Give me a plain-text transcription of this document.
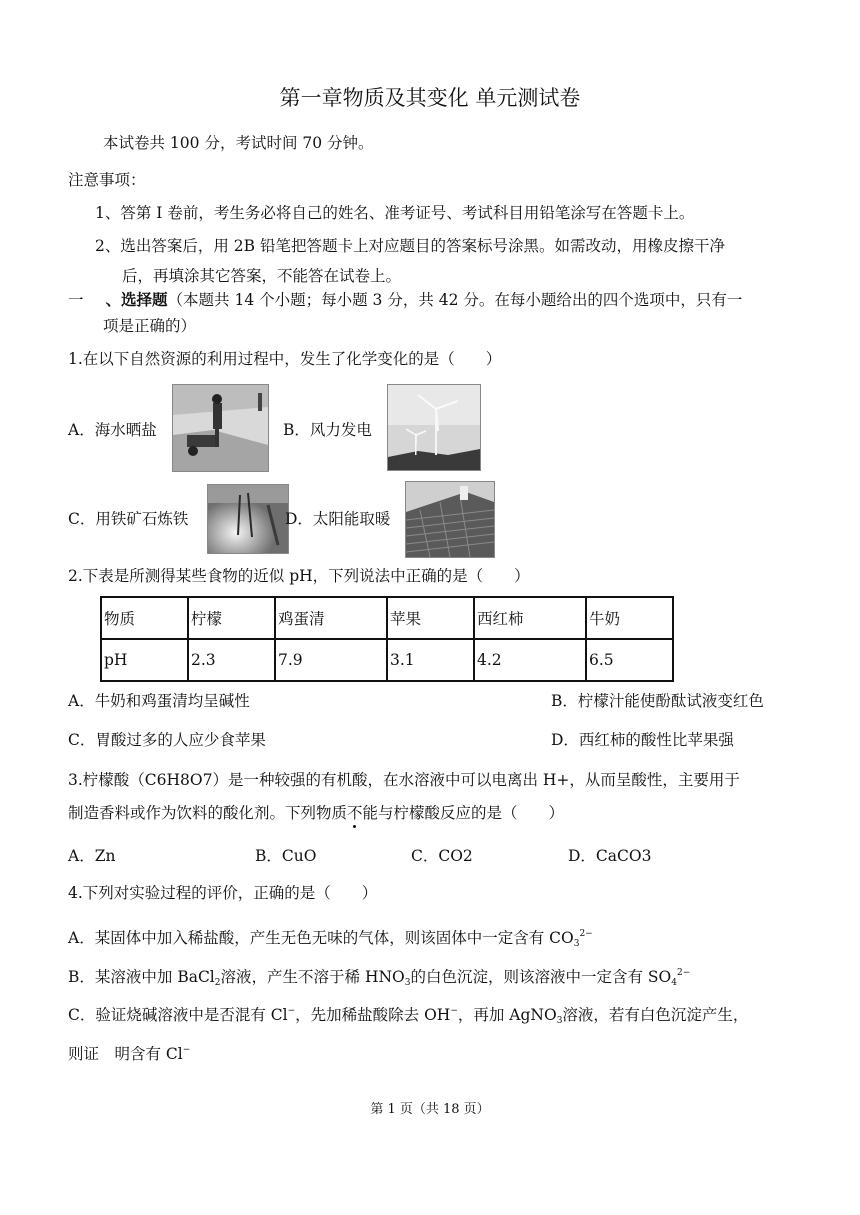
第一章物质及其变化 单元测试卷
本试卷共 100 分，考试时间 70 分钟。
注意事项：
1、答第 I 卷前，考生务必将自己的姓名、准考证号、考试科目用铅笔涂写在答题卡上。
2、选出答案后，用 2B 铅笔把答题卡上对应题目的答案标号涂黑。如需改动，用橡皮擦干净
后，再填涂其它答案，不能答在试卷上。
一 、选择题（本题共 14 个小题；每小题 3 分，共 42 分。在每小题给出的四个选项中，只有一
项是正确的）
1.在以下自然资源的利用过程中，发生了化学变化的是（　　）
A．海水晒盐	B．风力发电
C．用铁矿石炼铁	D．太阳能取暖
2.下表是所测得某些食物的近似 pH，下列说法中正确的是（　　）
物质	柠檬	鸡蛋清	苹果	西红柿	牛奶
pH	2.3	7.9	3.1	4.2	6.5
A．牛奶和鸡蛋清均呈碱性	B．柠檬汁能使酚酞试液变红色
C．胃酸过多的人应少食苹果	D．西红柿的酸性比苹果强
3.柠檬酸（C6H8O7）是一种较强的有机酸，在水溶液中可以电离出 H+，从而呈酸性，主要用于
制造香料或作为饮料的酸化剂。下列物质不能与柠檬酸反应的是（　　）
A．Zn	B．CuO	C．CO2	D．CaCO3
4.下列对实验过程的评价，正确的是（　　）
A．某固体中加入稀盐酸，产生无色无味的气体，则该固体中一定含有 $CO_3^{2-}$
B．某溶液中加 BaCl$_2$溶液，产生不溶于稀 $HNO_3$的白色沉淀，则该溶液中一定含有 $SO_4^{2-}$
C．验证烧碱溶液中是否混有 Cl−，先加稀盐酸除去 OH−，再加 AgNO$_3$溶液，若有白色沉淀产生，
则证　明含有 Cl−
第 1 页（共 18 页）
